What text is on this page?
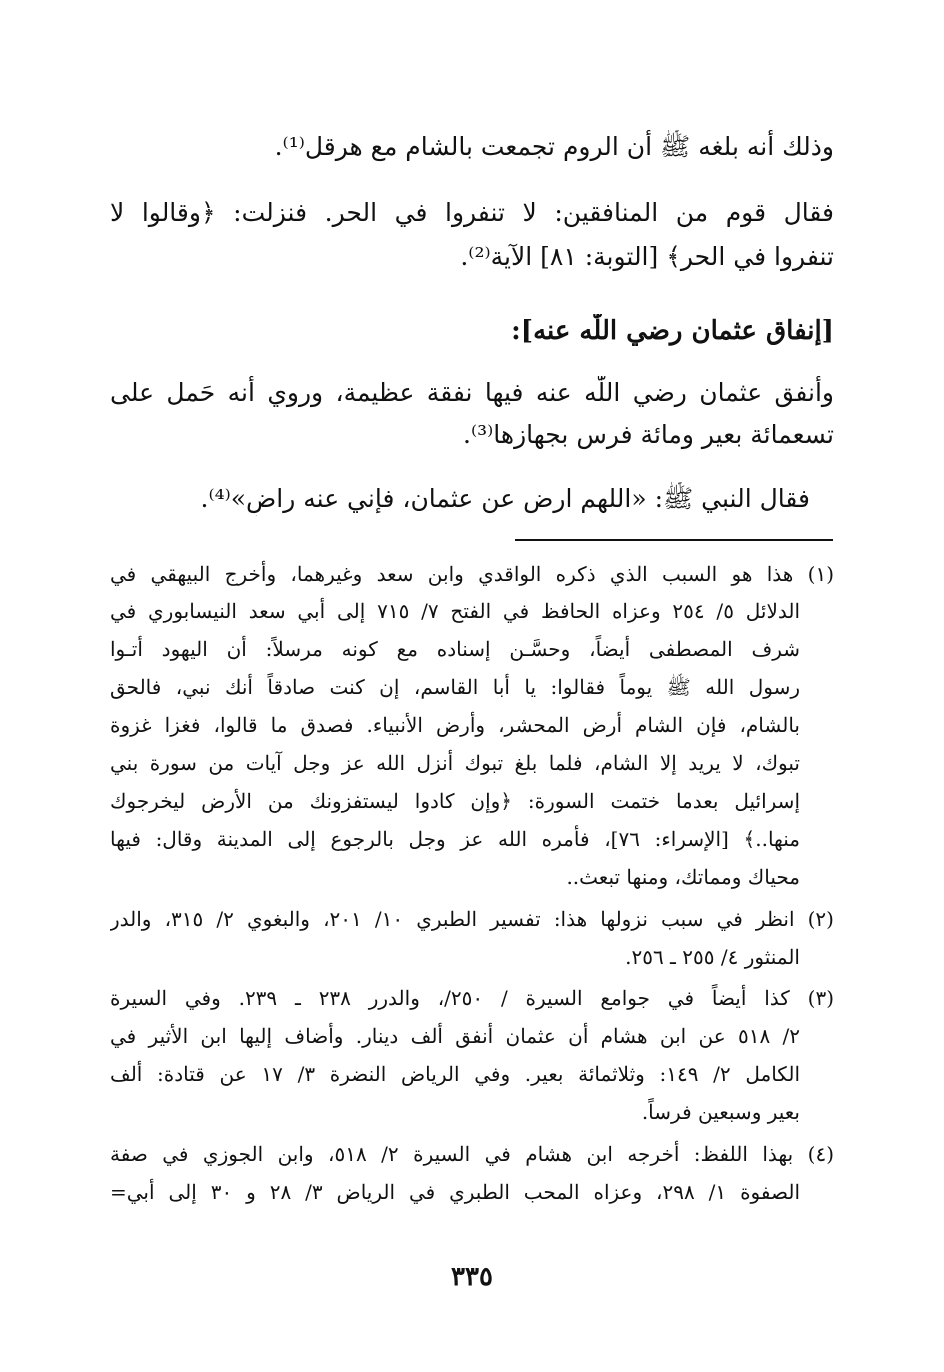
وذلك أنه بلغه ﷺ أن الروم تجمعت بالشام مع هرقل⁽¹⁾.
فقال قوم من المنافقين: لا تنفروا في الحر. فنزلت: ﴿وقالوا لا
تنفروا في الحر﴾ [التوبة: ٨١] الآية⁽²⁾.
[إنفاق عثمان رضي اللّٰه عنه]:
وأنفق عثمان رضي اللّٰه عنه فيها نفقة عظيمة، وروي أنه حَمل على
تسعمائة بعير ومائة فرس بجهازها⁽³⁾.
فقال النبي ﷺ: «اللهم ارض عن عثمان، فإني عنه راضٍ»⁽⁴⁾.
(١) هذا هو السبب الذي ذكره الواقدي وابن سعد وغيرهما، وأخرج البيهقي في
الدلائل ٥/ ٢٥٤ وعزاه الحافظ في الفتح ٧/ ٧١٥ إلى أبي سعد النيسابوري في
شرف المصطفى أيضاً، وحسَّـن إسناده مع كونه مرسلاً: أن اليهود أتـوا
رسول الله ﷺ يوماً فقالوا: يا أبا القاسم، إن كنت صادقاً أنك نبي، فالحق
بالشام، فإن الشام أرض المحشر، وأرض الأنبياء. فصدق ما قالوا، فغزا غزوة
تبوك، لا يريد إلا الشام، فلما بلغ تبوك أنزل الله عز وجل آيات من سورة بني
إسرائيل بعدما ختمت السورة: ﴿وإن كادوا ليستفزونك من الأرض ليخرجوك
منها..﴾ [الإسراء: ٧٦]، فأمره الله عز وجل بالرجوع إلى المدينة وقال: فيها
محياك ومماتك، ومنها تبعث..
(٢) انظر في سبب نزولها هذا: تفسير الطبري ١٠/ ٢٠١، والبغوي ٢/ ٣١٥، والدر
المنثور ٤/ ٢٥٥ ـ ٢٥٦.
(٣) كذا أيضاً في جوامع السيرة / ٢٥٠/، والدرر ٢٣٨ ـ ٢٣٩. وفي السيرة
٢/ ٥١٨ عن ابن هشام أن عثمان أنفق ألف دينار. وأضاف إليها ابن الأثير في
الكامل ٢/ ١٤٩: وثلاثمائة بعير. وفي الرياض النضرة ٣/ ١٧ عن قتادة: ألف
بعير وسبعين فرساً.
(٤) بهذا اللفظ: أخرجه ابن هشام في السيرة ٢/ ٥١٨، وابن الجوزي في صفة
الصفوة ١/ ٢٩٨، وعزاه المحب الطبري في الرياض ٣/ ٢٨ و ٣٠ إلى أبي=
٣٣٥
